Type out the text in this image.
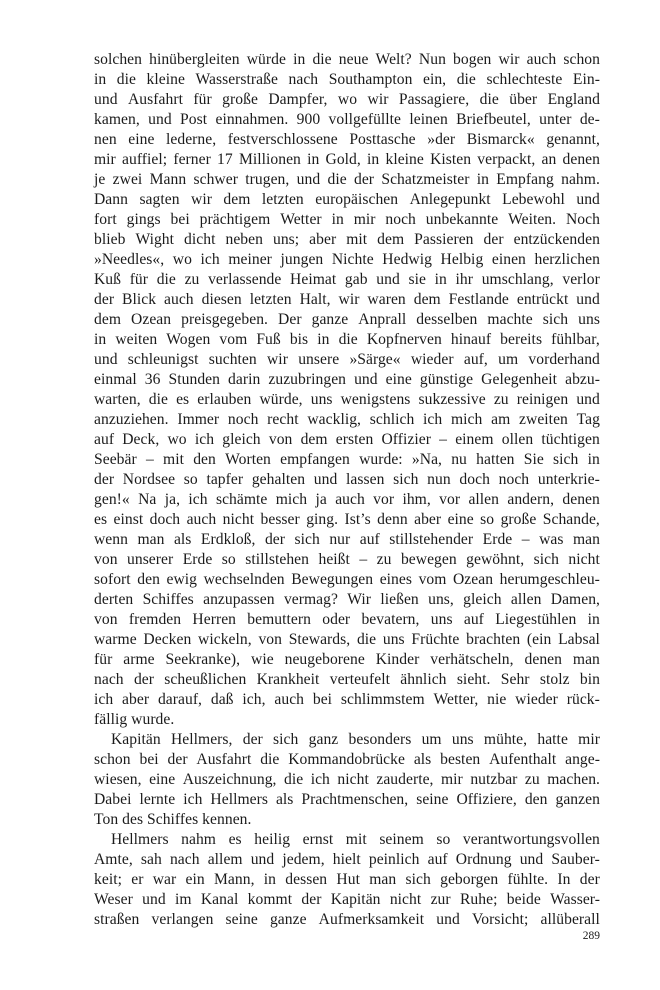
solchen hinübergleiten würde in die neue Welt? Nun bogen wir auch schon
in die kleine Wasserstraße nach Southampton ein, die schlechteste Ein-
und Ausfahrt für große Dampfer, wo wir Passagiere, die über England
kamen, und Post einnahmen. 900 vollgefüllte leinen Briefbeutel, unter de-
nen eine lederne, festverschlossene Posttasche »der Bismarck« genannt,
mir auffiel; ferner 17 Millionen in Gold, in kleine Kisten verpackt, an denen
je zwei Mann schwer trugen, und die der Schatzmeister in Empfang nahm.
Dann sagten wir dem letzten europäischen Anlegepunkt Lebewohl und
fort gings bei prächtigem Wetter in mir noch unbekannte Weiten. Noch
blieb Wight dicht neben uns; aber mit dem Passieren der entzückenden
»Needles«, wo ich meiner jungen Nichte Hedwig Helbig einen herzlichen
Kuß für die zu verlassende Heimat gab und sie in ihr umschlang, verlor
der Blick auch diesen letzten Halt, wir waren dem Festlande entrückt und
dem Ozean preisgegeben. Der ganze Anprall desselben machte sich uns
in weiten Wogen vom Fuß bis in die Kopfnerven hinauf bereits fühlbar,
und schleunigst suchten wir unsere »Särge« wieder auf, um vorderhand
einmal 36 Stunden darin zuzubringen und eine günstige Gelegenheit abzu-
warten, die es erlauben würde, uns wenigstens sukzessive zu reinigen und
anzuziehen. Immer noch recht wacklig, schlich ich mich am zweiten Tag
auf Deck, wo ich gleich von dem ersten Offizier – einem ollen tüchtigen
Seebär – mit den Worten empfangen wurde: »Na, nu hatten Sie sich in
der Nordsee so tapfer gehalten und lassen sich nun doch noch unterkrie-
gen!« Na ja, ich schämte mich ja auch vor ihm, vor allen andern, denen
es einst doch auch nicht besser ging. Ist’s denn aber eine so große Schande,
wenn man als Erdkloß, der sich nur auf stillstehender Erde – was man
von unserer Erde so stillstehen heißt – zu bewegen gewöhnt, sich nicht
sofort den ewig wechselnden Bewegungen eines vom Ozean herumgeschleu-
derten Schiffes anzupassen vermag? Wir ließen uns, gleich allen Damen,
von fremden Herren bemuttern oder bevatern, uns auf Liegestühlen in
warme Decken wickeln, von Stewards, die uns Früchte brachten (ein Labsal
für arme Seekranke), wie neugeborene Kinder verhätscheln, denen man
nach der scheußlichen Krankheit verteufelt ähnlich sieht. Sehr stolz bin
ich aber darauf, daß ich, auch bei schlimmstem Wetter, nie wieder rück-
fällig wurde.
Kapitän Hellmers, der sich ganz besonders um uns mühte, hatte mir
schon bei der Ausfahrt die Kommandobrücke als besten Aufenthalt ange-
wiesen, eine Auszeichnung, die ich nicht zauderte, mir nutzbar zu machen.
Dabei lernte ich Hellmers als Prachtmenschen, seine Offiziere, den ganzen
Ton des Schiffes kennen.
Hellmers nahm es heilig ernst mit seinem so verantwortungsvollen
Amte, sah nach allem und jedem, hielt peinlich auf Ordnung und Sauber-
keit; er war ein Mann, in dessen Hut man sich geborgen fühlte. In der
Weser und im Kanal kommt der Kapitän nicht zur Ruhe; beide Wasser-
straßen verlangen seine ganze Aufmerksamkeit und Vorsicht; allüberall
289
